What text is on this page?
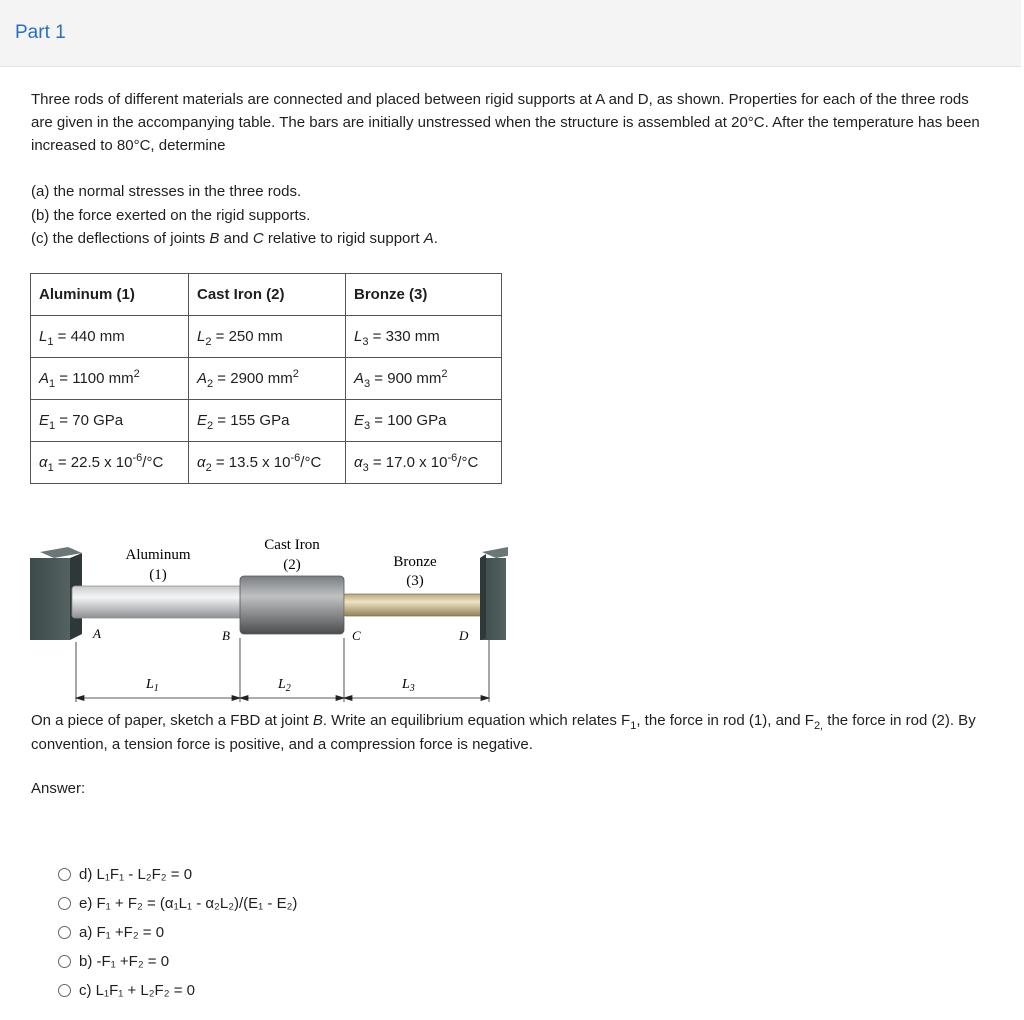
Part 1

Three rods of different materials are connected and placed between rigid supports at A and D, as shown. Properties for each of the three rods are given in the accompanying table. The bars are initially unstressed when the structure is assembled at 20°C. After the temperature has been increased to 80°C, determine

(a) the normal stresses in the three rods.
(b) the force exerted on the rigid supports.
(c) the deflections of joints B and C relative to rigid support A.
Aluminum (1)	Cast Iron (2)	Bronze (3)
$L_1 = 440$ mm	$L_2 = 250$ mm	$L_3 = 330$ mm
$A_1 = 1100$ $mm^2$	$A_2 = 2900$ $mm^2$	$A_3 = 900$ $mm^2$
$E_1 = 70$ GPa	$E_2 = 155$ GPa	$E_3 = 100$ GPa
$\alpha_1 = 22.5$ x $10^{-6}/^\circ C$	$\alpha_2 = 13.5$ x $10^{-6}/^\circ C$	$\alpha_3 = 17.0$ x $10^{-6}/^\circ C$
Aluminum
(1)
Cast Iron
(2)	Bronze
(3)
A	B	C	D
$L_1$	$L_2$	$L_3$
On a piece of paper, sketch a FBD at joint B. Write an equilibrium equation which relates $F_1$, the force in rod (1), and $F_{2,}$ the force in rod (2). By convention, a tension force is positive, and a compression force is negative.
Answer:
d) L₁F₁ - L₂F₂ = 0
e) F₁ + F₂ = (α₁L₁ - α₂L₂)/(E₁ - E₂)
a) F₁ +F₂ = 0
b) -F₁ +F₂ = 0
c) L₁F₁ + L₂F₂ = 0
